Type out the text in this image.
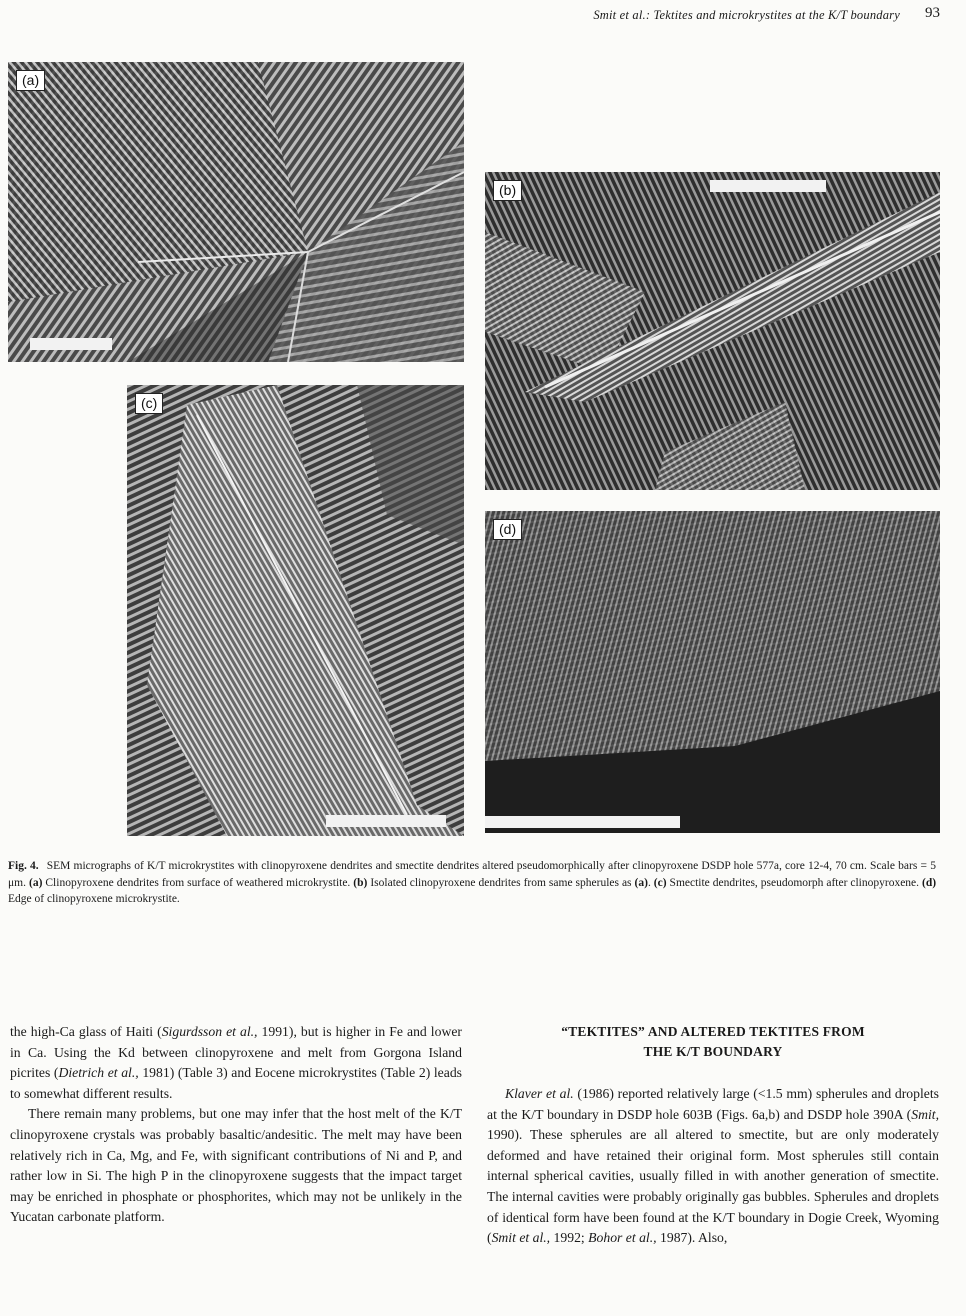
Smit et al.: Tektites and microkrystites at the K/T boundary 93
(a)
(b)
(c)
(d)
Fig. 4. SEM micrographs of K/T microkrystites with clinopyroxene dendrites and smectite dendrites altered pseudomorphically after clinopyroxene DSDP hole 577a, core 12-4, 70 cm. Scale bars = 5 μm. (a) Clinopyroxene dendrites from surface of weathered microkrystite. (b) Isolated clinopyroxene dendrites from same spherules as (a). (c) Smectite dendrites, pseudomorph after clinopyroxene. (d) Edge of clinopyroxene microkrystite.

the high-Ca glass of Haiti (Sigurdsson et al., 1991), but is higher in Fe and lower in Ca. Using the Kd between clinopyroxene and melt from Gorgona Island picrites (Dietrich et al., 1981) (Table 3) and Eocene microkrystites (Table 2) leads to somewhat different results.

There remain many problems, but one may infer that the host melt of the K/T clinopyroxene crystals was probably basaltic/andesitic. The melt may have been relatively rich in Ca, Mg, and Fe, with significant contributions of Ni and P, and rather low in Si. The high P in the clinopyroxene suggests that the impact target may be enriched in phosphate or phosphorites, which may not be unlikely in the Yucatan carbonate platform.

“TEKTITES” AND ALTERED TEKTITES FROM
THE K/T BOUNDARY

Klaver et al. (1986) reported relatively large (<1.5 mm) spherules and droplets at the K/T boundary in DSDP hole 603B (Figs. 6a,b) and DSDP hole 390A (Smit, 1990). These spherules are all altered to smectite, but are only moderately deformed and have retained their original form. Most spherules still contain internal spherical cavities, usually filled in with another generation of smectite. The internal cavities were probably originally gas bubbles. Spherules and droplets of identical form have been found at the K/T boundary in Dogie Creek, Wyoming (Smit et al., 1992; Bohor et al., 1987). Also,
